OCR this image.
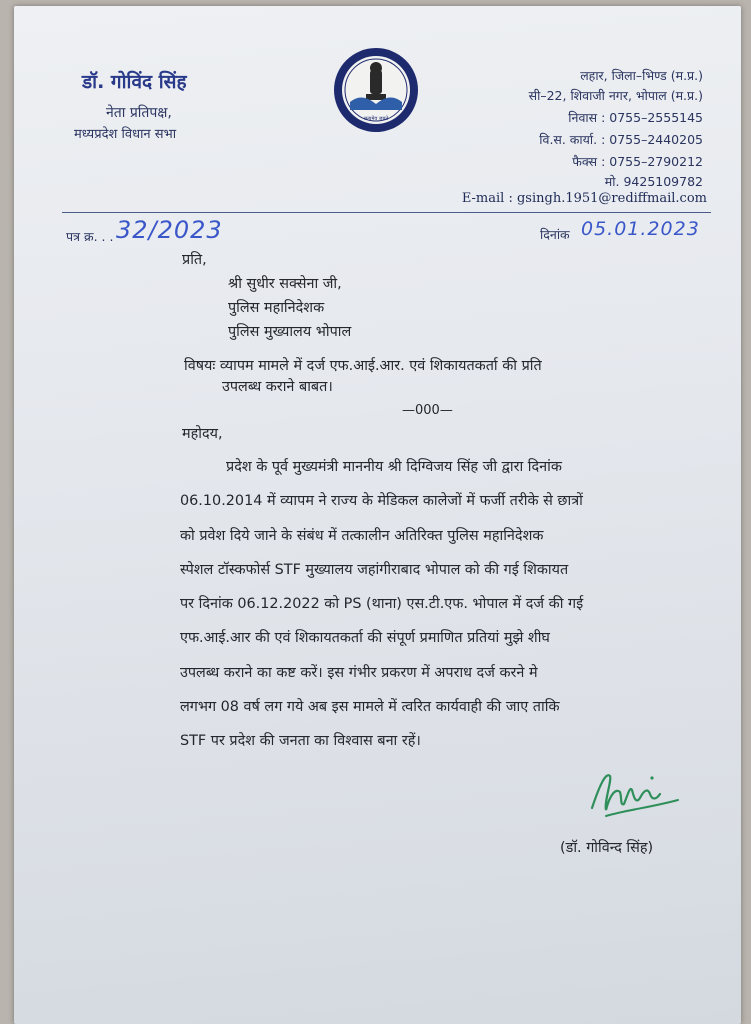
डॉ. गोविंद सिंह
नेता प्रतिपक्ष,
मध्यप्रदेश विधान सभा
सत्यमेव जयते
लहार, जिला–भिण्ड (म.प्र.)
सी–22, शिवाजी नगर, भोपाल (म.प्र.)
निवास : 0755–2555145
वि.स. कार्या. : 0755–2440205
फैक्स : 0755–2790212
मो. 9425109782
E-mail : gsingh.1951@rediffmail.com
पत्र क्र. . . 32/2023	दिनांक 05.01.2023
प्रति,
श्री सुधीर सक्सेना जी,
पुलिस महानिदेशक
पुलिस मुख्यालय भोपाल
विषयः व्यापम मामले में दर्ज एफ.आई.आर. एवं शिकायतकर्ता की प्रति
उपलब्ध कराने बाबत।
—000—
महोदय,
प्रदेश के पूर्व मुख्यमंत्री माननीय श्री दिग्विजय सिंह जी द्वारा दिनांक
06.10.2014 में व्यापम ने राज्य के मेडिकल कालेजों में फर्जी तरीके से छात्रों
को प्रवेश दिये जाने के संबंध में तत्कालीन अतिरिक्त पुलिस महानिदेशक
स्पेशल टॉस्कफोर्स STF मुख्यालय जहांगीराबाद भोपाल को की गई शिकायत
पर दिनांक 06.12.2022 को PS (थाना) एस.टी.एफ. भोपाल में दर्ज की गई
एफ.आई.आर की एवं शिकायतकर्ता की संपूर्ण प्रमाणित प्रतियां मुझे शीघ
उपलब्ध कराने का कष्ट करें। इस गंभीर प्रकरण में अपराध दर्ज करने मे
लगभग 08 वर्ष लग गये अब इस मामले में त्वरित कार्यवाही की जाए ताकि
STF पर प्रदेश की जनता का विश्वास बना रहें।
(डॉ. गोविन्द सिंह)
